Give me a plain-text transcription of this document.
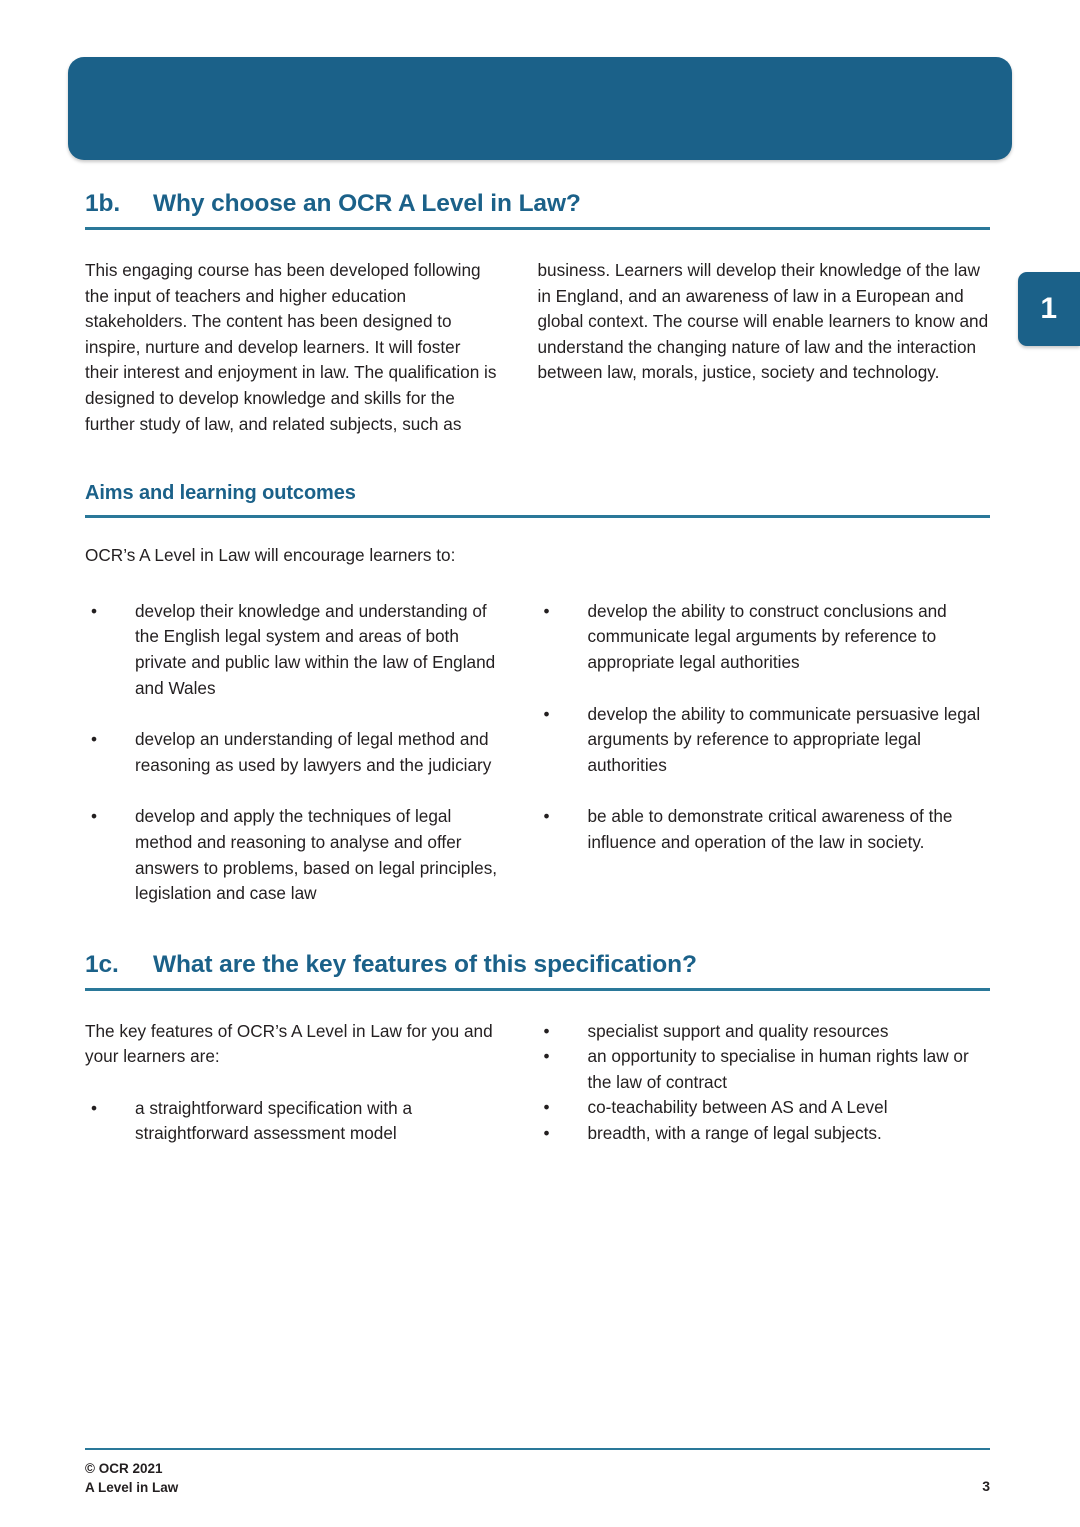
1
1b.	Why choose an OCR A Level in Law?

This engaging course has been developed following the input of teachers and higher education stakeholders. The content has been designed to inspire, nurture and develop learners. It will foster their interest and enjoyment in law. The qualification is designed to develop knowledge and skills for the further study of law, and related subjects, such as

business. Learners will develop their knowledge of the law in England, and an awareness of law in a European and global context. The course will enable learners to know and understand the changing nature of law and the interaction between law, morals, justice, society and technology.

Aims and learning outcomes

OCR’s A Level in Law will encourage learners to:

•	develop their knowledge and understanding of the English legal system and areas of both private and public law within the law of England and Wales
•	develop an understanding of legal method and reasoning as used by lawyers and the judiciary
•	develop and apply the techniques of legal method and reasoning to analyse and offer answers to problems, based on legal principles, legislation and case law
•	develop the ability to construct conclusions and communicate legal arguments by reference to appropriate legal authorities
•	develop the ability to communicate persuasive legal arguments by reference to appropriate legal authorities
•	be able to demonstrate critical awareness of the influence and operation of the law in society.
1c.	What are the key features of this specification?

The key features of OCR’s A Level in Law for you and your learners are:

•	a straightforward specification with a straightforward assessment model
•	specialist support and quality resources
•	an opportunity to specialise in human rights law or the law of contract
•	co-teachability between AS and A Level
•	breadth, with a range of legal subjects.
© OCR 2021
A Level in Law	3
